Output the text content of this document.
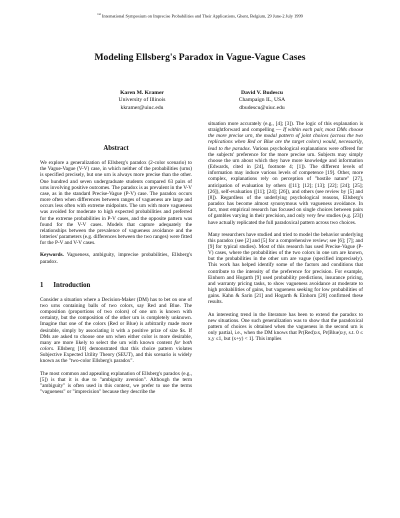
$^{1st}$ International Symposium on Imprecise Probabilities and Their Applications, Ghent, Belgium, 29 June-2 July 1999
Modeling Ellsberg's Paradox in Vague-Vague Cases
Karen M. Kramer
University of Illinois
kkramer@uiuc.edu
David V. Budescu
Champaign IL, USA
dbudescu@uiuc.edu
Abstract

We explore a generalization of Ellsberg's paradox (2-color scenario) to the Vague-Vague (V-V) case, in which neither of the probabilities (urns) is specified precisely, but one urn is always more precise than the other. One hundred and seven undergraduate students compared 63 pairs of urns involving positive outcomes. The paradox is as prevalent in the V-V case, as in the standard Precise-Vague (P-V) case. The paradox occurs more often when differences between ranges of vagueness are large and occurs less often with extreme midpoints. The urn with more vagueness was avoided for moderate to high expected probabilities and preferred for the extreme probabilities in P-V cases, and the opposite pattern was found for the V-V cases. Models that capture adequately the relationships between the prevalence of vagueness avoidance and the lotteries' parameters (e.g. differences between the two ranges) were fitted for the P-V and V-V cases.

Keywords. Vagueness, ambiguity, imprecise probabilities, Ellsberg's paradox.

1 Introduction

Consider a situation where a Decision-Maker (DM) has to bet on one of two urns containing balls of two colors, say Red and Blue. The composition (proportions of two colors) of one urn is known with certainty, but the composition of the other urn is completely unknown. Imagine that one of the colors (Red or Blue) is arbitrarily made more desirable, simply by associating it with a positive prize of size $x. If DMs are asked to choose one urn when either color is more desirable, many are more likely to select the urn with known content for both colors. Ellsberg [10] demonstrated that this choice pattern violates Subjective Expected Utility Theory (SEUT), and this scenario is widely known as the "two-color Ellsberg's paradox".

The most common and appealing explanation of Ellsberg's paradox (e.g., [5]) is that it is due to "ambiguity aversion". Although the term "ambiguity" is often used in this context, we prefer to use the terms "vagueness" or "imprecision" because they describe the

situation more accurately (e.g., [4]; [3]). The logic of this explanation is straightforward and compelling — If within each pair, most DMs choose the more precise urn, the modal pattern of joint choices (across the two replications when Red or Blue are the target colors) would, necessarily, lead to the paradox. Various psychological explanations were offered for the subjects' preference for the more precise urn. Subjects may simply choose the urn about which they have more knowledge and information (Edwards, cited in [24], footnote 4; [1]). The different levels of information may induce various levels of competence [19]. Other, more complex, explanations rely on perception of "hostile nature" [27], anticipation of evaluation by others ([11]; [12]; [13]; [22]; [24]; [25]; [26]), self-evaluation ([11]; [24]; [26]), and others (see review by [5] and [8]). Regardless of the underlying psychological reasons, Ellsberg's paradox has become almost synonymous with vagueness avoidance. In fact, most empirical research has focused on single choices between pairs of gambles varying in their precision, and only very few studies (e.g. [23]) have actually replicated the full paradoxical pattern across two choices.

Many researchers have studied and tried to model the behavior underlying this paradox (see [2] and [5] for a comprehensive review; see [6]; [7]; and [9] for typical studies). Most of this research has used Precise-Vague (P-V) cases, where the probabilities of the two colors in one urn are known, but the probabilities in the other urn are vague (specified imprecisely). This work has helped identify some of the factors and conditions that contribute to the intensity of the preference for precision. For example, Einhorn and Hogarth [9] used probability predictions, insurance pricing, and warranty pricing tasks, to show vagueness avoidance at moderate to high probabilities of gains, but vagueness seeking for low probabilities of gains. Kahn & Sarin [21] and Hogarth & Einhorn [20] confirmed these results.

An interesting trend in the literature has been to extend the paradox to new situations. One such generalization was to show that the paradoxical pattern of choices is obtained when the vagueness in the second urn is only partial, i.e., when the DM knows that Pr(Red)≥x, Pr(Blue)≥y, s.t. 0 ≤ x,y ≤1, but (x+y) < 1]. This implies
